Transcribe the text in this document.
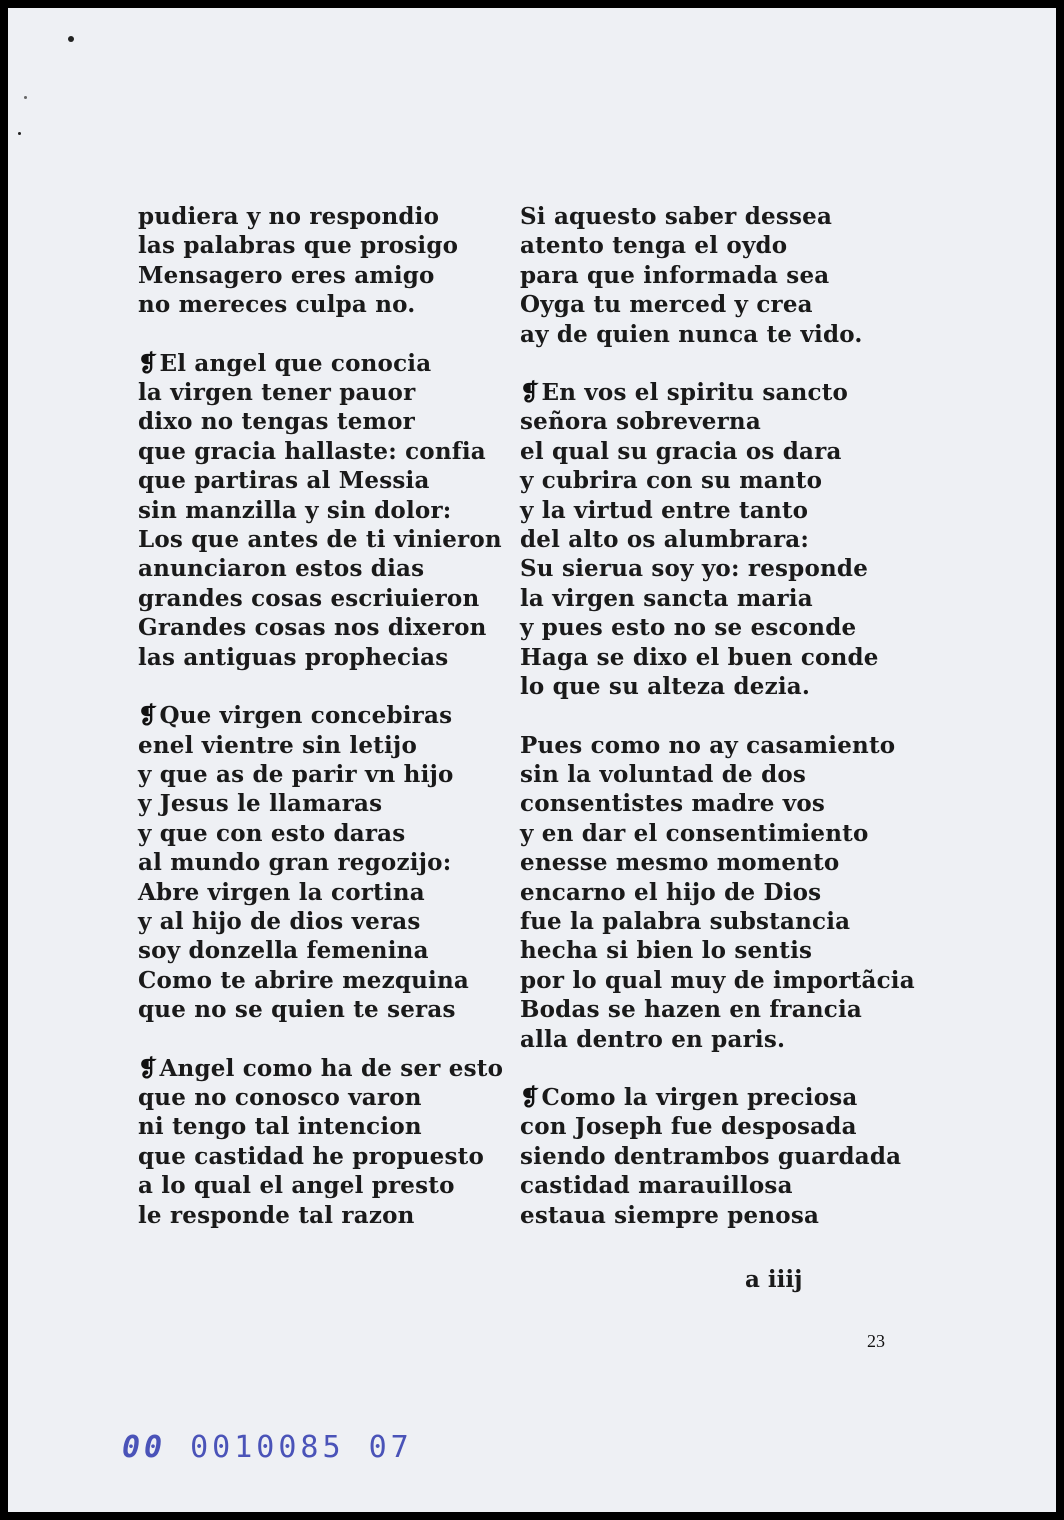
pudiera y no respondio
las palabras que prosigo
Mensagero eres amigo
no mereces culpa no.
❡El angel que conocia
la virgen tener pauor
dixo no tengas temor
que gracia hallaste: confia
que partiras al Messia
sin manzilla y sin dolor:
Los que antes de ti vinieron
anunciaron estos dias
grandes cosas escriuieron
Grandes cosas nos dixeron
las antiguas prophecias
❡Que virgen concebiras
enel vientre sin letijo
y que as de parir vn hijo
y Jesus le llamaras
y que con esto daras
al mundo gran regozijo:
Abre virgen la cortina
y al hijo de dios veras
soy donzella femenina
Como te abrire mezquina
que no se quien te seras
❡Angel como ha de ser esto
que no conosco varon
ni tengo tal intencion
que castidad he propuesto
a lo qual el angel presto
le responde tal razon
Si aquesto saber dessea
atento tenga el oydo
para que informada sea
Oyga tu merced y crea
ay de quien nunca te vido.
❡En vos el spiritu sancto
señora sobreverna
el qual su gracia os dara
y cubrira con su manto
y la virtud entre tanto
del alto os alumbrara:
Su sierua soy yo: responde
la virgen sancta maria
y pues esto no se esconde
Haga se dixo el buen conde
lo que su alteza dezia.
Pues como no ay casamiento
sin la voluntad de dos
consentistes madre vos
y en dar el consentimiento
enesse mesmo momento
encarno el hijo de Dios
fue la palabra substancia
hecha si bien lo sentis
por lo qual muy de importãcia
Bodas se hazen en francia
alla dentro en paris.
❡Como la virgen preciosa
con Joseph fue desposada
siendo dentrambos guardada
castidad marauillosa
estaua siempre penosa
a iiij
23
00 0010085 07
